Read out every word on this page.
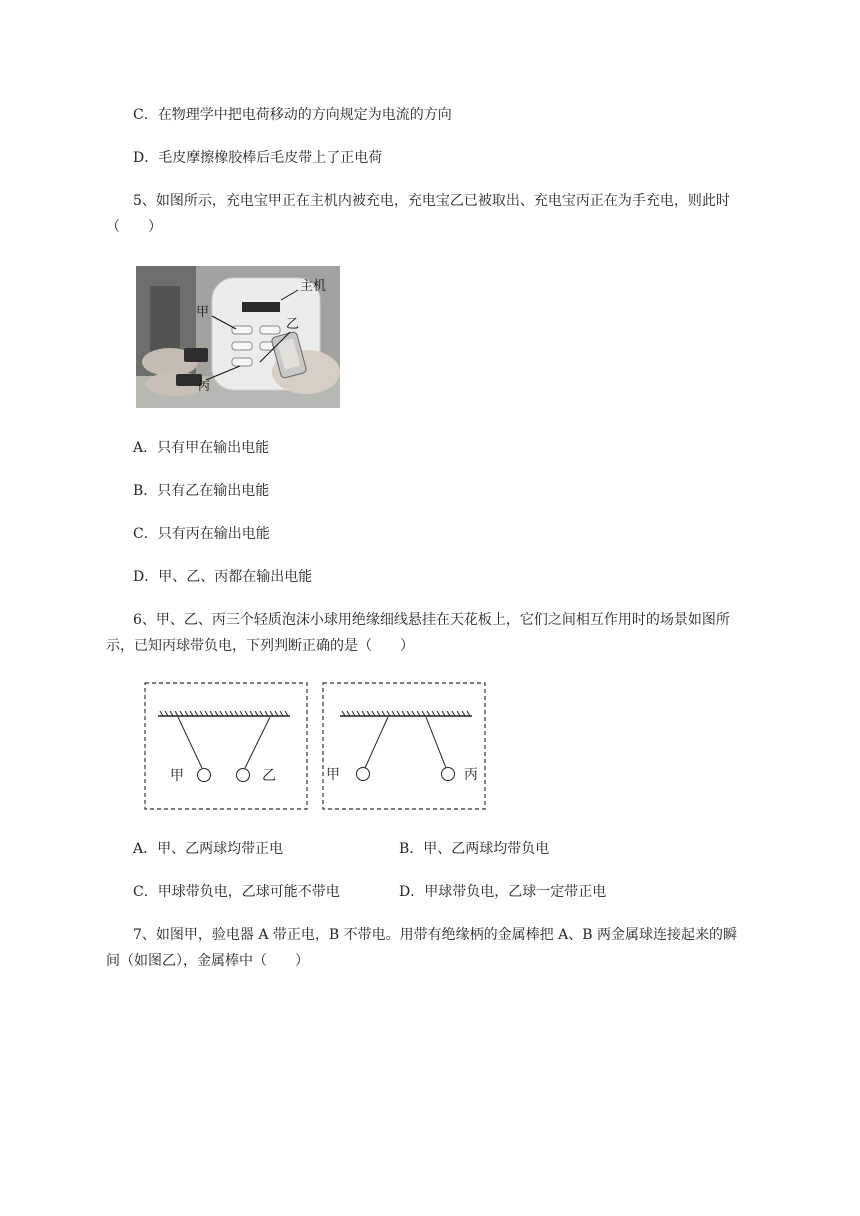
C．在物理学中把电荷移动的方向规定为电流的方向
D．毛皮摩擦橡胶棒后毛皮带上了正电荷
5、如图所示，充电宝甲正在主机内被充电，充电宝乙已被取出、充电宝丙正在为手充电，则此时
（　　）
主机
甲
乙
丙
A．只有甲在输出电能
B．只有乙在输出电能
C．只有丙在输出电能
D．甲、乙、丙都在输出电能
6、甲、乙、丙三个轻质泡沫小球用绝缘细线悬挂在天花板上，它们之间相互作用时的场景如图所
示，已知丙球带负电，下列判断正确的是（　　）
甲	乙	甲	丙
A．甲、乙两球均带正电	B．甲、乙两球均带负电
C．甲球带负电，乙球可能不带电	D．甲球带负电，乙球一定带正电
7、如图甲，验电器 A 带正电，B 不带电。用带有绝缘柄的金属棒把 A、B 两金属球连接起来的瞬
间（如图乙），金属棒中（　　）
